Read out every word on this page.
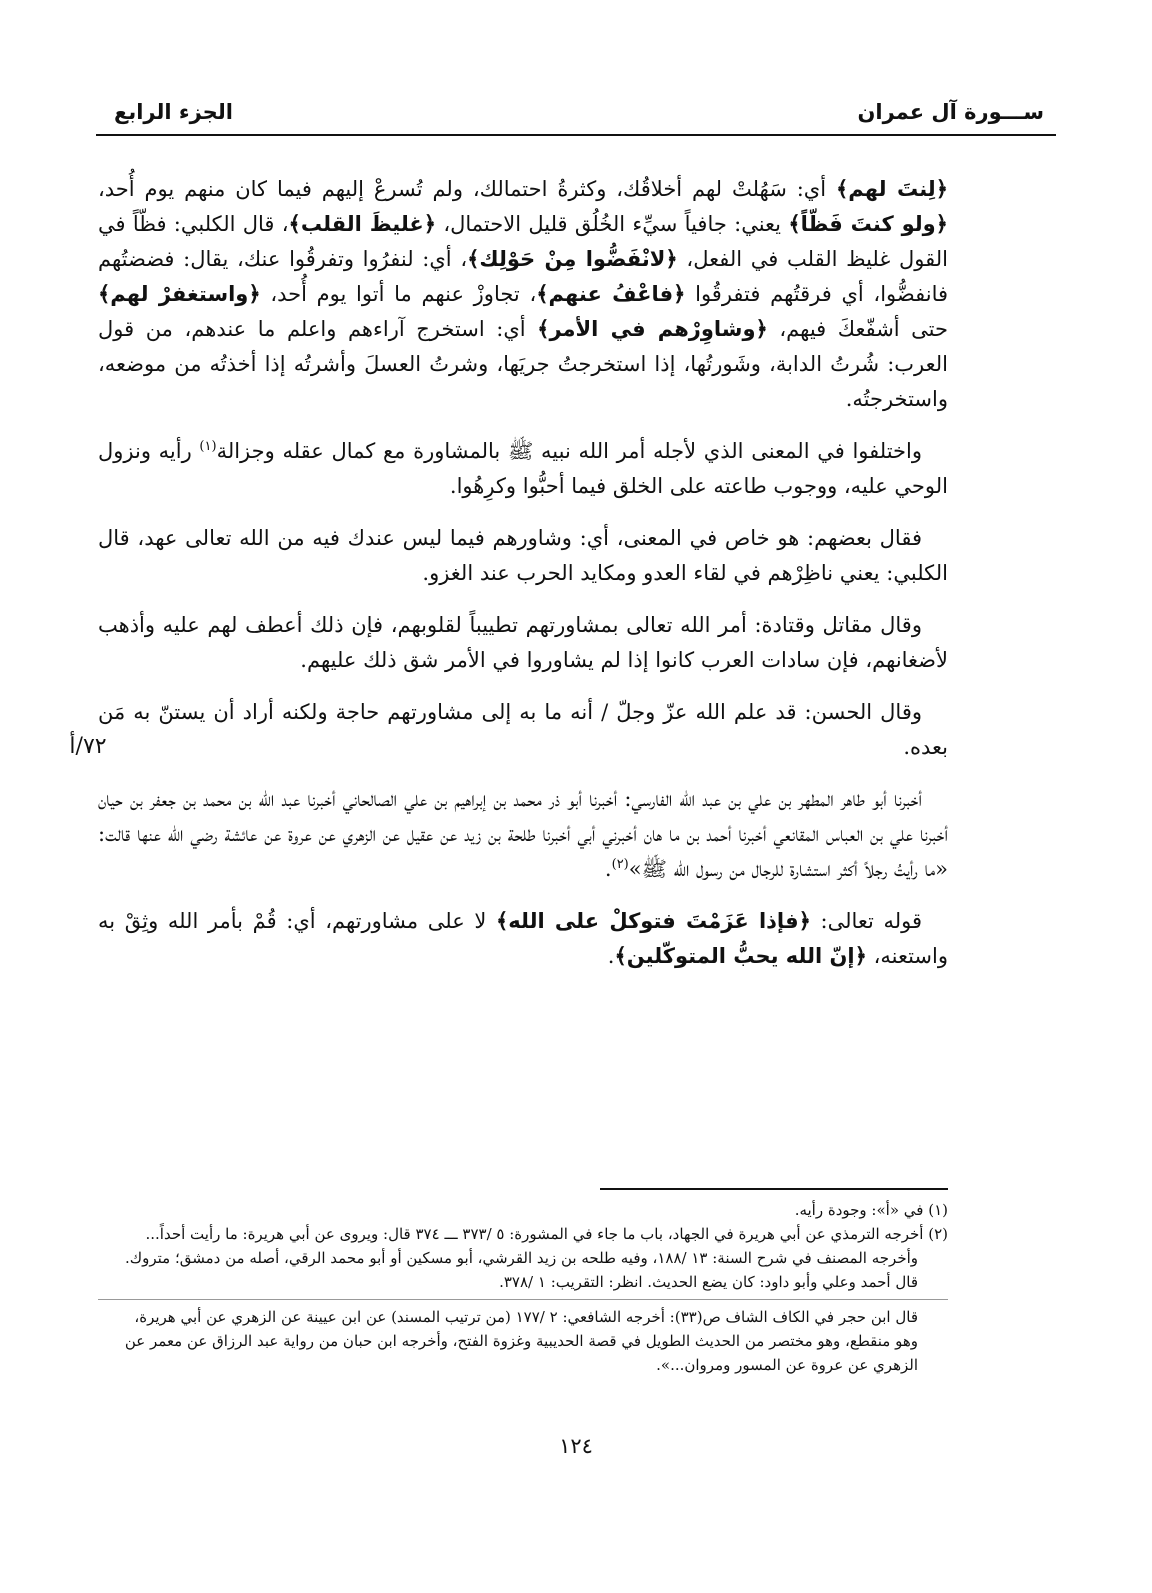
ســـورة آل عمران
الجزء الرابع

﴿لِنتَ لهم﴾ أي: سَهُلتْ لهم أخلاقُك، وكثرةُ احتمالك، ولم تُسرعْ إليهم فيما كان منهم يوم أُحد، ﴿ولو كنتَ فَظّاً﴾ يعني: جافياً سيِّء الخُلُق قليل الاحتمال، ﴿غليظَ القلب﴾، قال الكلبي: فظّاً في القول غليظ القلب في الفعل، ﴿لانْفَضُّوا مِنْ حَوْلِك﴾، أي: لنفرُوا وتفرقُوا عنك، يقال: فضضتُهم فانفضُّوا، أي فرقتُهم فتفرقُوا ﴿فاعْفُ عنهم﴾، تجاوزْ عنهم ما أتوا يوم أُحد، ﴿واستغفرْ لهم﴾ حتى أشفّعكَ فيهم، ﴿وشاوِرْهم في الأمر﴾ أي: استخرج آراءهم واعلم ما عندهم، من قول العرب: شُرتُ الدابة، وشَورتُها، إذا استخرجتُ جريَها، وشرتُ العسلَ وأشرتُه إذا أخذتُه من موضعه، واستخرجتُه.

واختلفوا في المعنى الذي لأجله أمر الله نبيه ﷺ بالمشاورة مع كمال عقله وجزالة$^{(١)}$ رأيه ونزول الوحي عليه، ووجوب طاعته على الخلق فيما أحبُّوا وكرِهُوا.

فقال بعضهم: هو خاص في المعنى، أي: وشاورهم فيما ليس عندك فيه من الله تعالى عهد، قال الكلبي: يعني ناظِرْهم في لقاء العدو ومكايد الحرب عند الغزو.

وقال مقاتل وقتادة: أمر الله تعالى بمشاورتهم تطييباً لقلوبهم، فإن ذلك أعطف لهم عليه وأذهب لأضغانهم، فإن سادات العرب كانوا إذا لم يشاوروا في الأمر شق ذلك عليهم.

وقال الحسن: قد علم الله عزّ وجلّ / أنه ما به إلى مشاورتهم حاجة ولكنه أراد أن يستنّ به مَن بعده.

أخبرنا أبو طاهر المطهر بن علي بن عبد الله الفارسي: أخبرنا أبو ذر محمد بن إبراهيم بن علي الصالحاني أخبرنا عبد الله بن محمد بن جعفر بن حيان أخبرنا علي بن العباس المقانعي أخبرنا أحمد بن ما هان أخبرني أبي أخبرنا طلحة بن زيد عن عقيل عن الزهري عن عروة عن عائشة رضي الله عنها قالت: «ما رأيتُ رجلاً أكثر استشارة للرجال من رسول الله ﷺ»$^{(٢)}$.

قوله تعالى: ﴿فإذا عَزَمْتَ فتوكلْ على الله﴾ لا على مشاورتهم، أي: قُمْ بأمر الله وثِقْ به واستعنه، ﴿إنّ الله يحبُّ المتوكّلين﴾.

٧٢/أ
(١) في «أ»: وجودة رأيه.
(٢) أخرجه الترمذي عن أبي هريرة في الجهاد، باب ما جاء في المشورة: ٥ /٣٧٣ ـــ ٣٧٤ قال: ويروى عن أبي هريرة: ما رأيت أحداً...
وأخرجه المصنف في شرح السنة: ١٣ /١٨٨، وفيه طلحه بن زيد القرشي، أبو مسكين أو أبو محمد الرقي، أصله من دمشق؛ متروك.
قال أحمد وعلي وأبو داود: كان يضع الحديث. انظر: التقريب: ١ /٣٧٨.
قال ابن حجر في الكاف الشاف ص(٣٣): أخرجه الشافعي: ٢ /١٧٧ (من ترتيب المسند) عن ابن عيينة عن الزهري عن أبي هريرة،
وهو منقطع، وهو مختصر من الحديث الطويل في قصة الحديبية وغزوة الفتح، وأخرجه ابن حبان من رواية عبد الرزاق عن معمر عن
الزهري عن عروة عن المسور ومروان...».
١٢٤
